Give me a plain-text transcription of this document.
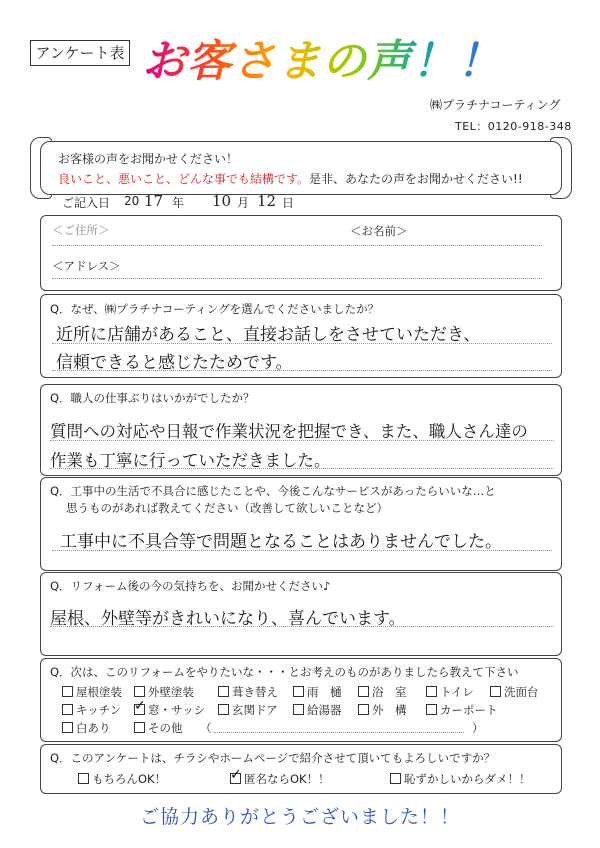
アンケート表 お客さまの声！！
㈱プラチナコーティング
TEL：0120-918-348
お客様の声をお聞かせください！
良いこと、悪いこと、どんな事でも結構です。是非、あなたの声をお聞かせください!!
ご記入日 20 17 年 10 月 12 日
＜ご住所＞	＜お名前＞
＜アドレス＞
Q．なぜ、㈱プラチナコーティングを選んでくださいましたか？
近所に店舗があること、直接お話しをさせていただき、
信頼できると感じたためです。
Q．職人の仕事ぶりはいかがでしたか？
質問への対応や日報で作業状況を把握でき、また、職人さん達の
作業も丁寧に行っていただきました。
Q．工事中の生活で不具合に感じたことや、今後こんなサービスがあったらいいな…と
思うものがあれば教えてください（改善して欲しいことなど）
工事中に不具合等で問題となることはありませんでした。
Q．リフォーム後の今の気持ちを、お聞かせください♪
屋根、外壁等がきれいになり、喜んでいます。
Q．次は、このリフォームをやりたいな・・・とお考えのものがありましたら教えて下さい
屋根塗装	外壁塗装	葺き替え	雨　樋	浴　室	トイレ	洗面台
キッチン ✓	窓・サッシ	玄関ドア	給湯器	外　構	カーポート
白あり	その他 （	）
Q．このアンケートは、チラシやホームページで紹介させて頂いてもよろしいですか？
もちろんOK！ ✓	匿名ならOK！！	恥ずかしいからダメ！！
ご協力ありがとうございました！！
